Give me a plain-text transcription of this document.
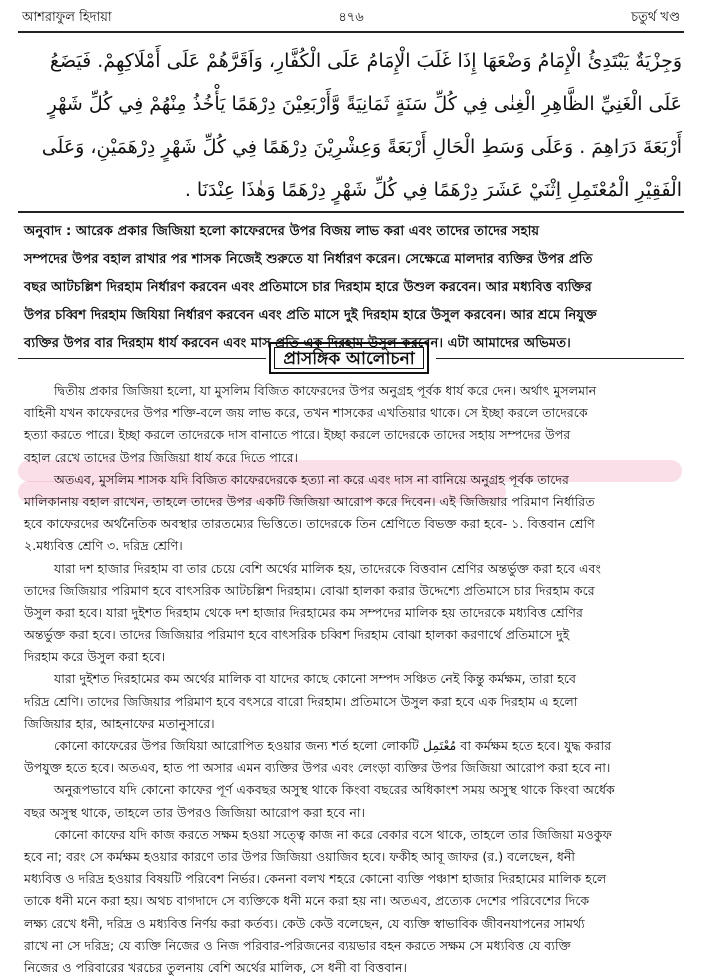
আশরাফুল হিদায়া	৪৭৬	চতুর্থ খণ্ড
وَجِزْيَةٌ يَبْتَدِئُ الْإِمَامُ وَضْعَهَا إِذَا غَلَبَ الْإِمَامُ عَلَى الْكُفَّارِ، وَاَقَرَّهُمْ عَلَى أَمْلَاكِهِمْ. فَيَضَعُ
عَلَى الْغَنِيِّ الظَّاهِرِ الْغِنٰى فِي كُلِّ سَنَةٍ ثَمَانِيَةً وَّأَرْبَعِيْنَ دِرْهَمًا يَأْخُذُ مِنْهُمْ فِي كُلِّ شَهْرٍ
أَرْبَعَةَ دَرَاهِمَ . وَعَلَى وَسَطِ الْحَالِ أَرْبَعَةً وَعِشْرِيْنَ دِرْهَمًا فِي كُلِّ شَهْرٍ دِرْهَمَيْنِ، وَعَلَى
الْفَقِيْرِ الْمُعْتَمِلِ اِثْنَيْ عَشَرَ دِرْهَمًا فِي كُلِّ شَهْرٍ دِرْهَمًا وَهٰذَا عِنْدَنَا .
অনুবাদ : আরেক প্রকার জিজিয়া হলো কাফেরদের উপর বিজয় লাভ করা এবং তাদের তাদের সহায়
সম্পদের উপর বহাল রাখার পর শাসক নিজেই শুরুতে যা নির্ধারণ করেন। সেক্ষেত্রে মালদার ব্যক্তির উপর প্রতি
বছর আটচল্লিশ দিরহাম নির্ধারণ করবেন এবং প্রতিমাসে চার দিরহাম হারে উশুল করবেন। আর মধ্যবিত্ত ব্যক্তির
উপর চব্বিশ দিরহাম জিযিয়া নির্ধারণ করবেন এবং প্রতি মাসে দুই দিরহাম হারে উসুল করবেন। আর শ্রমে নিযুক্ত
ব্যক্তির উপর বার দিরহাম ধার্য করবেন এবং মাস প্রতি এক দিরহাম উসুল করবেন। এটা আমাদের অভিমত।
প্রাসঙ্গিক আলোচনা
দ্বিতীয় প্রকার জিজিয়া হলো, যা মুসলিম বিজিত কাফেরদের উপর অনুগ্রহ পূর্বক ধার্য করে দেন। অর্থাৎ মুসলমান
বাহিনী যখন কাফেরদের উপর শক্তি-বলে জয় লাভ করে, তখন শাসকের এখতিয়ার থাকে। সে ইচ্ছা করলে তাদেরকে
হত্যা করতে পারে। ইচ্ছা করলে তাদেরকে দাস বানাতে পারে। ইচ্ছা করলে তাদেরকে তাদের সহায় সম্পদের উপর
বহাল রেখে তাদের উপর জিজিয়া ধার্য করে দিতে পারে।
অতএব, মুসলিম শাসক যদি বিজিত কাফেরদেরকে হত্যা না করে এবং দাস না বানিয়ে অনুগ্রহ পূর্বক তাদের
মালিকানায় বহাল রাখেন, তাহলে তাদের উপর একটি জিজিয়া আরোপ করে দিবেন। এই জিজিয়ার পরিমাণ নির্ধারিত
হবে কাফেরদের অর্থনৈতিক অবস্থার তারতম্যের ভিত্তিতে। তাদেরকে তিন শ্রেণিতে বিভক্ত করা হবে- ১. বিত্তবান শ্রেণি
২.মধ্যবিত্ত শ্রেণি ৩. দরিদ্র শ্রেণি।
যারা দশ হাজার দিরহাম বা তার চেয়ে বেশি অর্থের মালিক হয়, তাদেরকে বিত্তবান শ্রেণির অন্তর্ভুক্ত করা হবে এবং
তাদের জিজিয়ার পরিমাণ হবে বাৎসরিক আটচল্লিশ দিরহাম। বোঝা হালকা করার উদ্দেশ্যে প্রতিমাসে চার দিরহাম করে
উসুল করা হবে। যারা দুইশত দিরহাম থেকে দশ হাজার দিরহামের কম সম্পদের মালিক হয় তাদেরকে মধ্যবিত্ত শ্রেণির
অন্তর্ভুক্ত করা হবে। তাদের জিজিয়ার পরিমাণ হবে বাৎসরিক চব্বিশ দিরহাম বোঝা হালকা করণার্থে প্রতিমাসে দুই
দিরহাম করে উসুল করা হবে।
যারা দুইশত দিরহামের কম অর্থের মালিক বা যাদের কাছে কোনো সম্পদ সঞ্চিত নেই কিন্তু কর্মক্ষম, তারা হবে
দরিদ্র শ্রেণি। তাদের জিজিয়ার পরিমাণ হবে বৎসরে বারো দিরহাম। প্রতিমাসে উসুল করা হবে এক দিরহাম এ হলো
জিজিয়ার হার, আহনাফের মতানুসারে।
কোনো কাফেরের উপর জিযিয়া আরোপিত হওয়ার জন্য শর্ত হলো লোকটি مُعْتَمِل বা কর্মক্ষম হতে হবে। যুদ্ধ করার
উপযুক্ত হতে হবে। অতএব, হাত পা অসার এমন ব্যক্তির উপর এবং লেংড়া ব্যক্তির উপর জিজিয়া আরোপ করা হবে না।
অনুরূপভাবে যদি কোনো কাফের পূর্ণ একবছর অসুস্থ থাকে কিংবা বছরের অধিকাংশ সময় অসুস্থ থাকে কিংবা অর্ধেক
বছর অসুস্থ থাকে, তাহলে তার উপরও জিজিয়া আরোপ করা হবে না।
কোনো কাফের যদি কাজ করতে সক্ষম হওয়া সত্ত্বে কাজ না করে বেকার বসে থাকে, তাহলে তার জিজিয়া মওকুফ
হবে না; বরং সে কর্মক্ষম হওয়ার কারণে তার উপর জিজিয়া ওয়াজিব হবে। ফকীহ আবূ জাফর (র.) বলেছেন, ধনী
মধ্যবিত্ত ও দরিদ্র হওয়ার বিষয়টি পরিবেশ নির্ভর। কেননা বলখ শহরে কোনো ব্যক্তি পঞ্চাশ হাজার দিরহামের মালিক হলে
তাকে ধনী মনে করা হয়। অথচ বাগদাদে সে ব্যক্তিকে ধনী মনে করা হয় না। অতএব, প্রত্যেক দেশের পরিবেশের দিকে
লক্ষ্য রেখে ধনী, দরিদ্র ও মধ্যবিত্ত নির্ণয় করা কর্তব্য। কেউ কেউ বলেছেন, যে ব্যক্তি স্বাভাবিক জীবনযাপনের সামর্থ্য
রাখে না সে দরিদ্র; যে ব্যক্তি নিজের ও নিজ পরিবার-পরিজনের ব্যয়ভার বহন করতে সক্ষম সে মধ্যবিত্ত যে ব্যক্তি
নিজের ও পরিবারের খরচের তুলনায় বেশি অর্থের মালিক, সে ধনী বা বিত্তবান।
